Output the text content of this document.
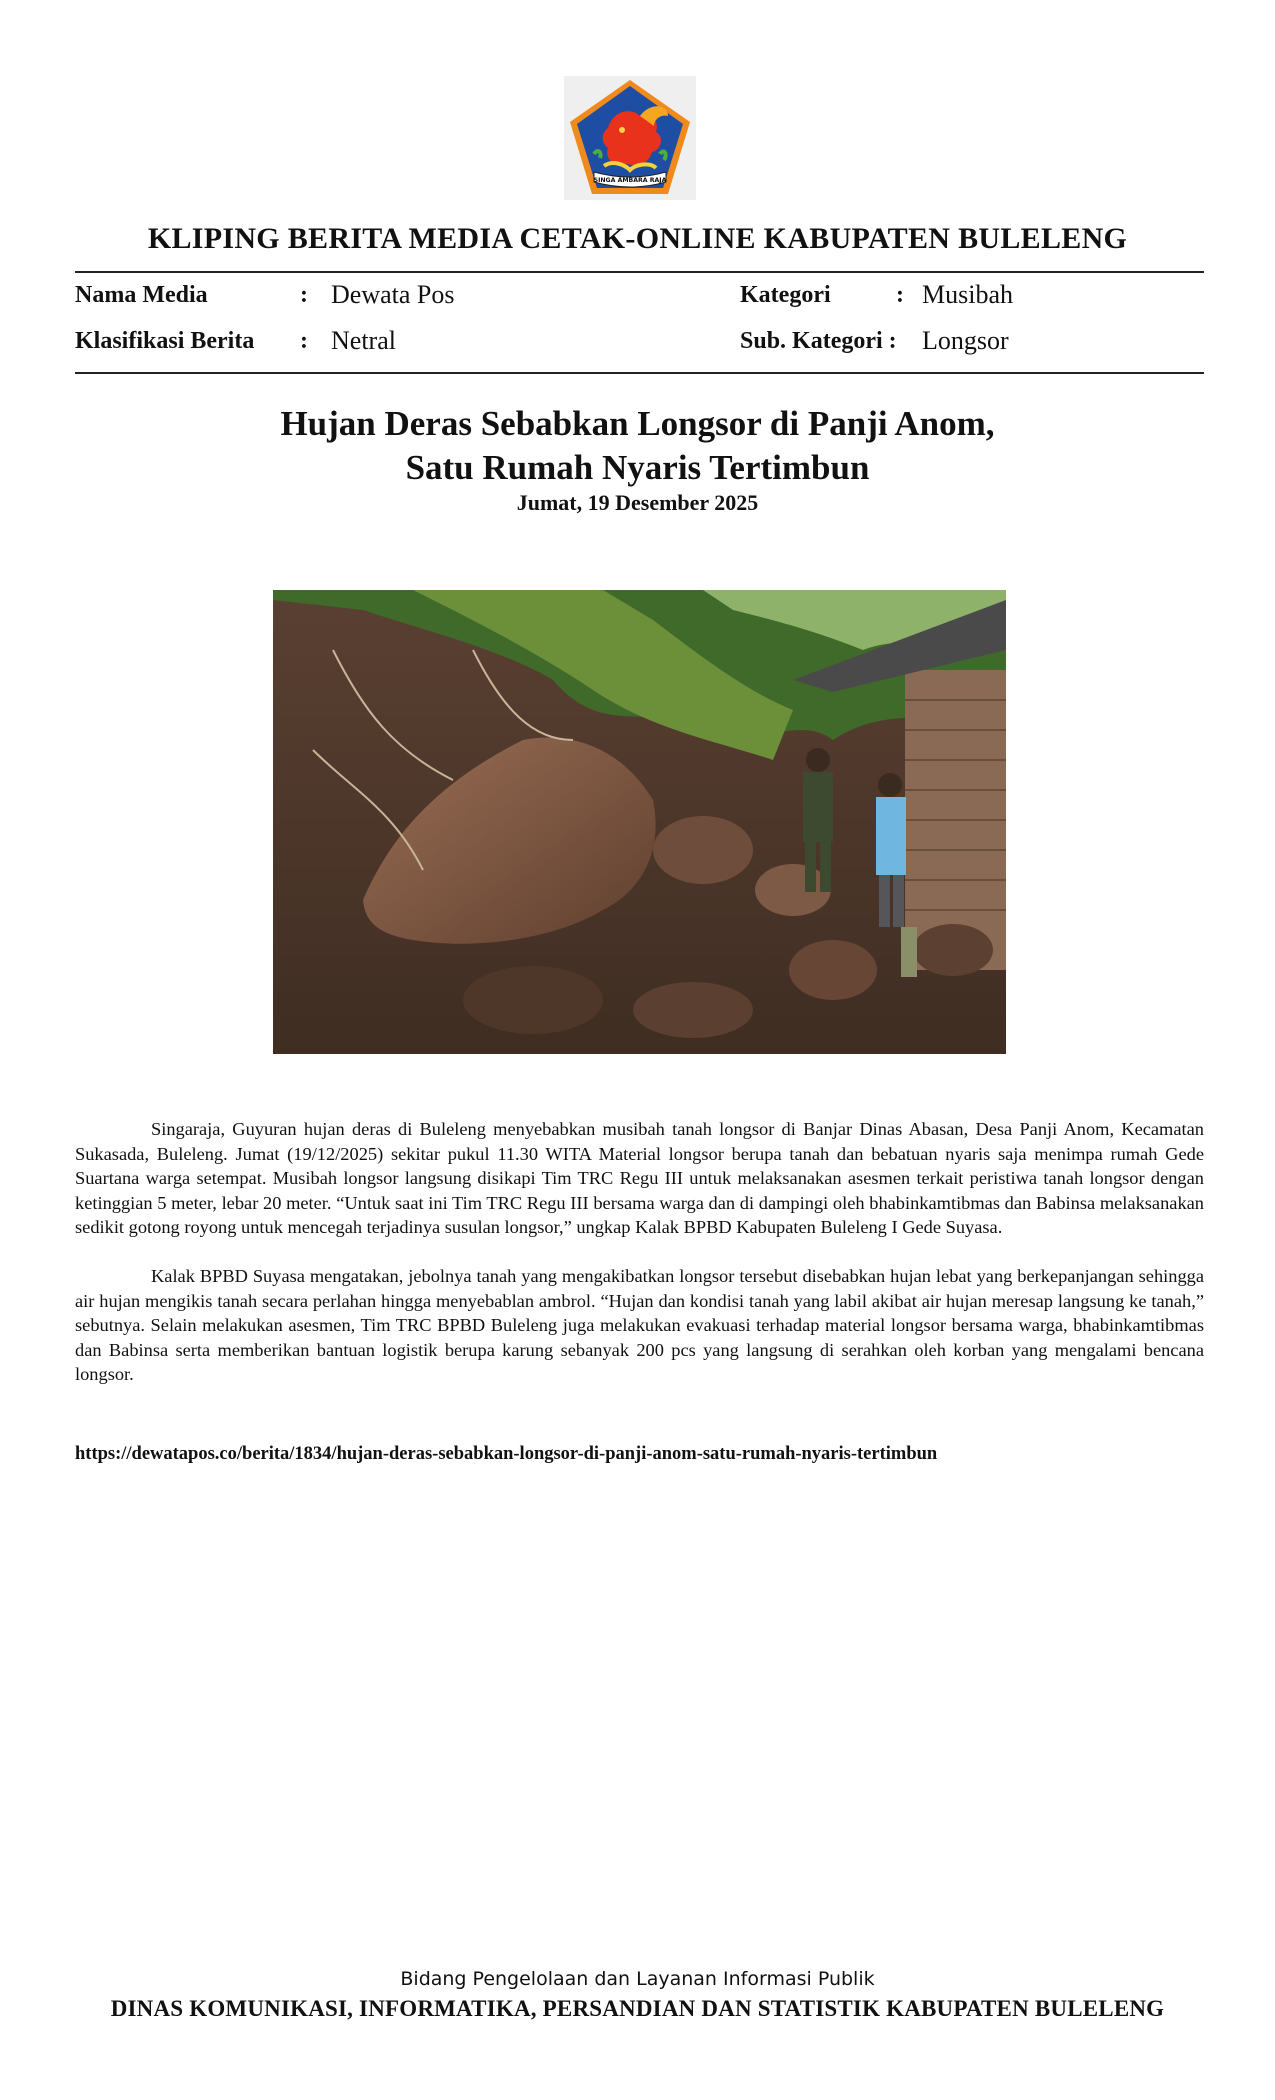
SINGA AMBARA RAJA
KLIPING BERITA MEDIA CETAK-ONLINE KABUPATEN BULELENG
Nama Media	: Dewata Pos	Kategori	: Musibah
Klasifikasi Berita : Netral	Sub. Kategori : Longsor
Hujan Deras Sebabkan Longsor di Panji Anom,
Satu Rumah Nyaris Tertimbun
Jumat, 19 Desember 2025

Singaraja, Guyuran hujan deras di Buleleng menyebabkan musibah tanah longsor di Banjar Dinas Abasan, Desa Panji Anom, Kecamatan Sukasada, Buleleng. Jumat (19/12/2025) sekitar pukul 11.30 WITA Material longsor berupa tanah dan bebatuan nyaris saja menimpa rumah Gede Suartana warga setempat. Musibah longsor langsung disikapi Tim TRC Regu III untuk melaksanakan asesmen terkait peristiwa tanah longsor dengan ketinggian 5 meter, lebar 20 meter. “Untuk saat ini Tim TRC Regu III bersama warga dan di dampingi oleh bhabinkamtibmas dan Babinsa melaksanakan sedikit gotong royong untuk mencegah terjadinya susulan longsor,” ungkap Kalak BPBD Kabupaten Buleleng I Gede Suyasa.

Kalak BPBD Suyasa mengatakan, jebolnya tanah yang mengakibatkan longsor tersebut disebabkan hujan lebat yang berkepanjangan sehingga air hujan mengikis tanah secara perlahan hingga menyebablan ambrol. “Hujan dan kondisi tanah yang labil akibat air hujan meresap langsung ke tanah,” sebutnya. Selain melakukan asesmen, Tim TRC BPBD Buleleng juga melakukan evakuasi terhadap material longsor bersama warga, bhabinkamtibmas dan Babinsa serta memberikan bantuan logistik berupa karung sebanyak 200 pcs yang langsung di serahkan oleh korban yang mengalami bencana longsor.

https://dewatapos.co/berita/1834/hujan-deras-sebabkan-longsor-di-panji-anom-satu-rumah-nyaris-tertimbun
Bidang Pengelolaan dan Layanan Informasi Publik
DINAS KOMUNIKASI, INFORMATIKA, PERSANDIAN DAN STATISTIK KABUPATEN BULELENG
